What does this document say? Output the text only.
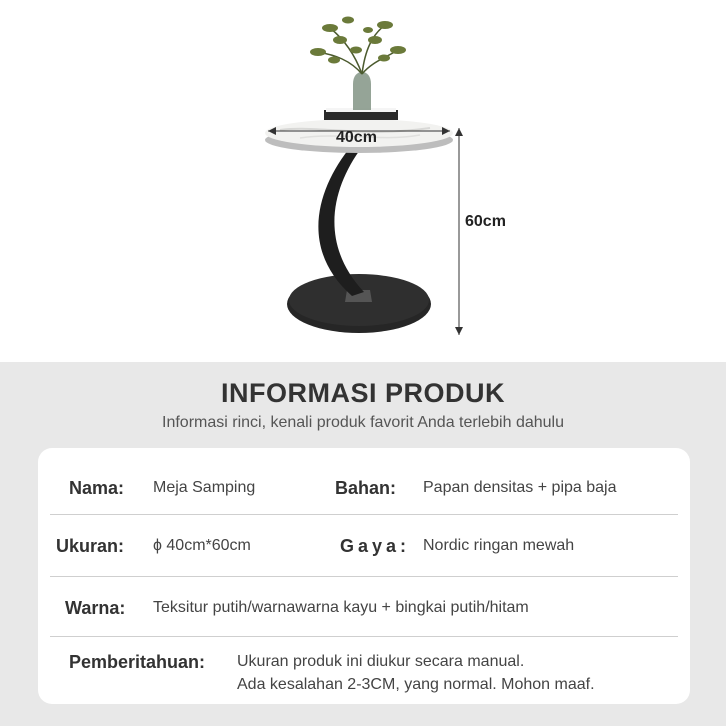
40cm
60cm
INFORMASI PRODUK
Informasi rinci, kenali produk favorit Anda terlebih dahulu
Nama: Meja Samping	Bahan: Papan densitas + pipa baja
Ukuran: ϕ 40cm*60cm	Gaya: Nordic ringan mewah
Warna: Teksitur putih/warnawarna kayu + bingkai putih/hitam
Pemberitahuan: Ukuran produk ini diukur secara manual.
Ada kesalahan 2-3CM, yang normal. Mohon maaf.
